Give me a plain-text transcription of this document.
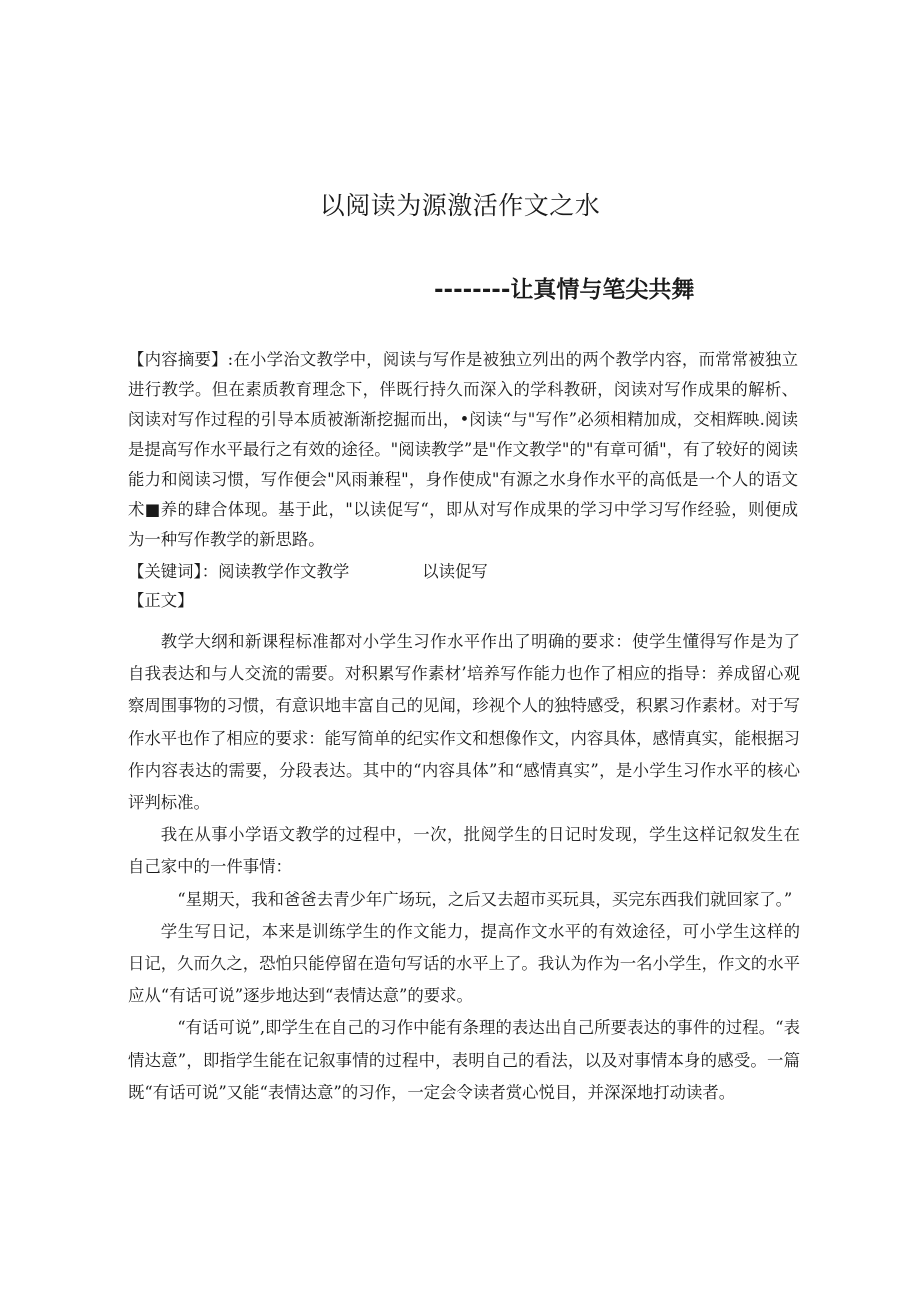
以阅读为源激活作文之水
--------让真情与笔尖共舞
【内容摘要】:在小学治文教学中，阅读与写作是被独立列出的两个教学内容，而常常被独立进行教学。但在素质教育理念下，伴既行持久而深入的学科教研，闵读对写作成果的解析、闵读对写作过程的引导本质被渐渐挖掘而出，•闵读“与"写作”必须相精加成，交相辉映.阅读是提高写作水平最行之有效的途径。"阅读教学”是"作文教学"的"有章可循"，有了较好的阅读能力和阅读习惯，写作便会"风雨兼程"，身作使成"有源之水身作水平的高低是一个人的语文术■养的肆合体现。基于此，"以读促写“，即从对写作成果的学习中学习写作经验，则便成为一种写作教学的新思路。
【关键词】：阅读教学作文教学              以读促写
【正文】

教学大纲和新课程标准都对小学生习作水平作出了明确的要求：使学生懂得写作是为了自我表达和与人交流的需要。对积累写作素材’培养写作能力也作了相应的指导：养成留心观察周围事物的习惯，有意识地丰富自己的见闻，珍视个人的独特感受，积累习作素材。对于写作水平也作了相应的要求：能写简单的纪实作文和想像作文，内容具体，感情真实，能根据习作内容表达的需要，分段表达。其中的“内容具体”和“感情真实”，是小学生习作水平的核心评判标准。

我在从事小学语文教学的过程中，一次，批阅学生的日记时发现，学生这样记叙发生在自己家中的一件事情：

“星期天，我和爸爸去青少年广场玩，之后又去超市买玩具，买完东西我们就回家了。”

学生写日记，本来是训练学生的作文能力，提高作文水平的有效途径，可小学生这样的日记，久而久之，恐怕只能停留在造句写话的水平上了。我认为作为一名小学生，作文的水平应从“有话可说”逐步地达到“表情达意”的要求。

“有话可说”,即学生在自己的习作中能有条理的表达出自己所要表达的事件的过程。“表情达意”，即指学生能在记叙事情的过程中，表明自己的看法，以及对事情本身的感受。一篇既“有话可说”又能“表情达意”的习作，一定会令读者赏心悦目，并深深地打动读者。
